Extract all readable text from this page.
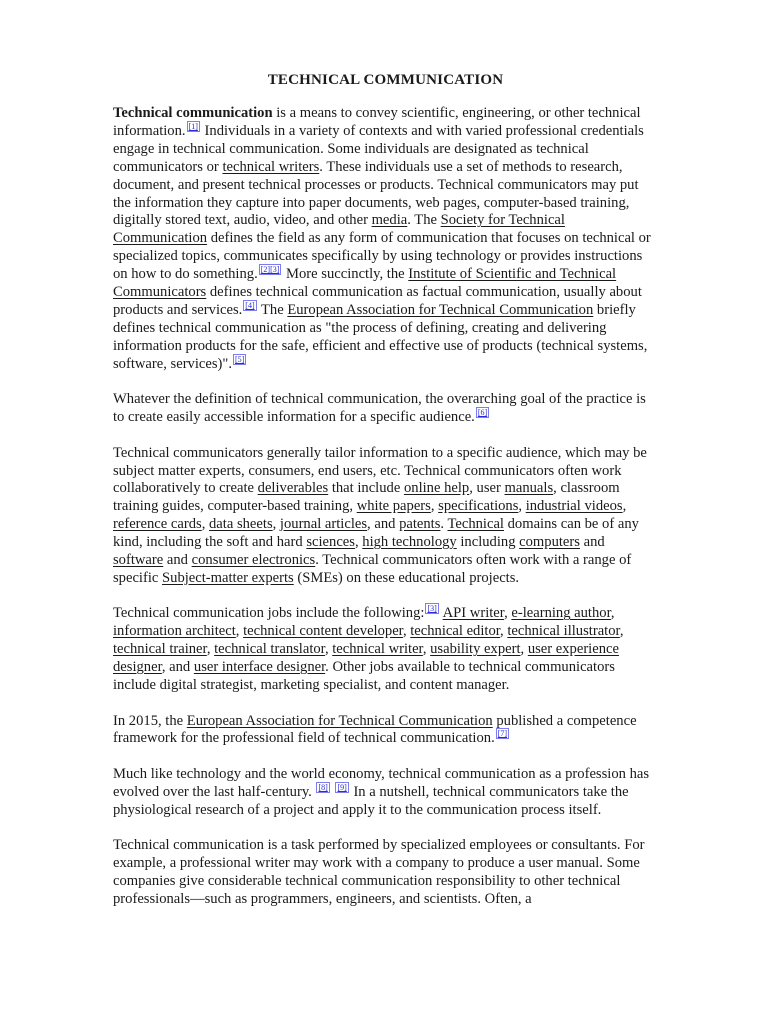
TECHNICAL COMMUNICATION

Technical communication is a means to convey scientific, engineering, or other technical information. [1] Individuals in a variety of contexts and with varied professional credentials engage in technical communication. Some individuals are designated as technical communicators or technical writers. These individuals use a set of methods to research, document, and present technical processes or products. Technical communicators may put the information they capture into paper documents, web pages, computer-based training, digitally stored text, audio, video, and other media. The Society for Technical Communication defines the field as any form of communication that focuses on technical or specialized topics, communicates specifically by using technology or provides instructions on how to do something. [2][3] More succinctly, the Institute of Scientific and Technical Communicators defines technical communication as factual communication, usually about products and services. [4] The European Association for Technical Communication briefly defines technical communication as "the process of defining, creating and delivering information products for the safe, efficient and effective use of products (technical systems, software, services)". [5]

Whatever the definition of technical communication, the overarching goal of the practice is to create easily accessible information for a specific audience. [6]

Technical communicators generally tailor information to a specific audience, which may be subject matter experts, consumers, end users, etc. Technical communicators often work collaboratively to create deliverables that include online help, user manuals, classroom training guides, computer-based training, white papers, specifications, industrial videos, reference cards, data sheets, journal articles, and patents. Technical domains can be of any kind, including the soft and hard sciences, high technology including computers and software and consumer electronics. Technical communicators often work with a range of specific Subject-matter experts (SMEs) on these educational projects.

Technical communication jobs include the following: [3] API writer, e-learning author, information architect, technical content developer, technical editor, technical illustrator, technical trainer, technical translator, technical writer, usability expert, user experience designer, and user interface designer. Other jobs available to technical communicators include digital strategist, marketing specialist, and content manager.

In 2015, the European Association for Technical Communication published a competence framework for the professional field of technical communication. [7]

Much like technology and the world economy, technical communication as a profession has evolved over the last half-century. [8] [9] In a nutshell, technical communicators take the physiological research of a project and apply it to the communication process itself.

Technical communication is a task performed by specialized employees or consultants. For example, a professional writer may work with a company to produce a user manual. Some companies give considerable technical communication responsibility to other technical professionals—such as programmers, engineers, and scientists. Often, a
